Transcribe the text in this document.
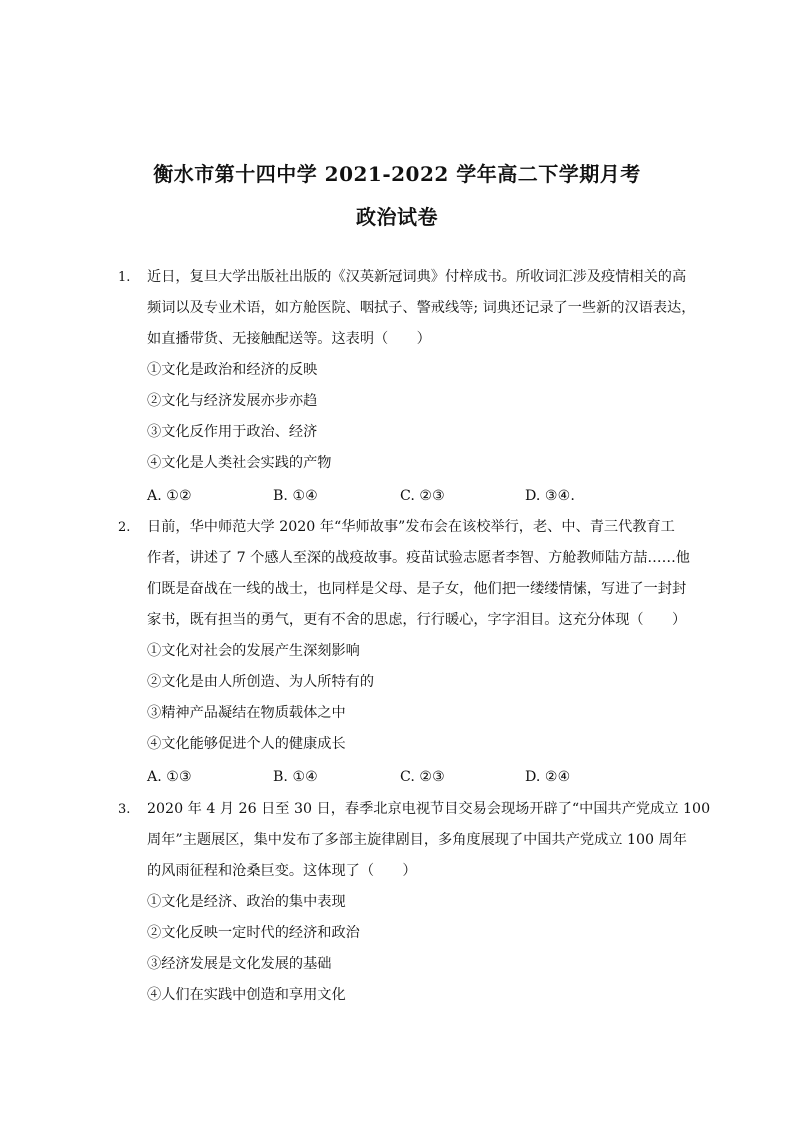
衡水市第十四中学 2021-2022 学年高二下学期月考
政治试卷
1. 近日，复旦大学出版社出版的《汉英新冠词典》付梓成书。所收词汇涉及疫情相关的高
频词以及专业术语，如方舱医院、咽拭子、警戒线等; 词典还记录了一些新的汉语表达，
如直播带货、无接触配送等。这表明（　　）
①文化是政治和经济的反映
②文化与经济发展亦步亦趋
③文化反作用于政治、经济
④文化是人类社会实践的产物
A. ①②	B. ①④	C. ②③	D. ③④.
2. 日前，华中师范大学 2020 年“华师故事”发布会在该校举行，老、中、青三代教育工
作者，讲述了 7 个感人至深的战疫故事。疫苗试验志愿者李智、方舱教师陆方喆……他
们既是奋战在一线的战士，也同样是父母、是子女，他们把一缕缕情愫，写进了一封封
家书，既有担当的勇气，更有不舍的思虑，行行暖心，字字泪目。这充分体现（　　）
①文化对社会的发展产生深刻影响
②文化是由人所创造、为人所特有的
③精神产品凝结在物质载体之中
④文化能够促进个人的健康成长
A. ①③	B. ①④	C. ②③	D. ②④
3. 2020 年 4 月 26 日至 30 日，春季北京电视节目交易会现场开辟了“中国共产党成立 100
周年”主题展区，集中发布了多部主旋律剧目，多角度展现了中国共产党成立 100 周年
的风雨征程和沧桑巨变。这体现了（　　）
①文化是经济、政治的集中表现
②文化反映一定时代的经济和政治
③经济发展是文化发展的基础
④人们在实践中创造和享用文化
